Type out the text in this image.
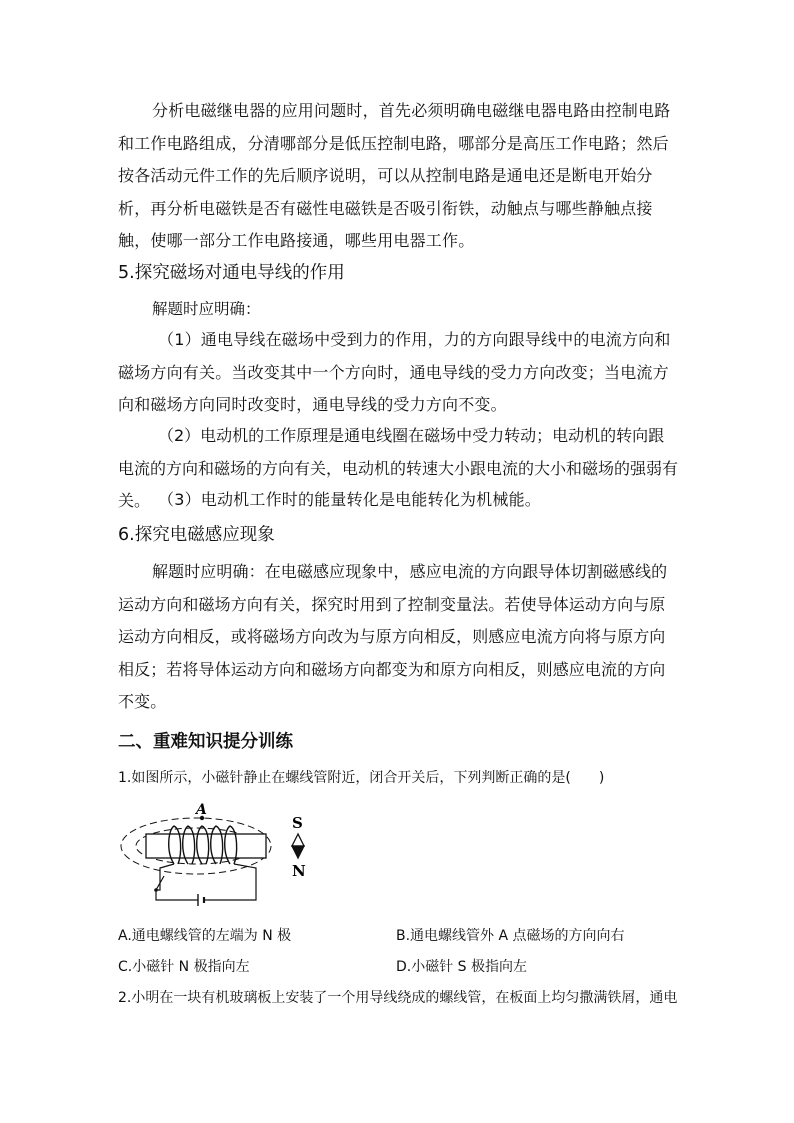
分析电磁继电器的应用问题时，首先必须明确电磁继电器电路由控制电路和工作电路组成，分清哪部分是低压控制电路，哪部分是高压工作电路；然后按各活动元件工作的先后顺序说明，可以从控制电路是通电还是断电开始分析，再分析电磁铁是否有磁性电磁铁是否吸引衔铁，动触点与哪些静触点接触，使哪一部分工作电路接通，哪些用电器工作。
5.探究磁场对通电导线的作用
解题时应明确：
（1）通电导线在磁场中受到力的作用，力的方向跟导线中的电流方向和磁场方向有关。当改变其中一个方向时，通电导线的受力方向改变；当电流方向和磁场方向同时改变时，通电导线的受力方向不变。
（2）电动机的工作原理是通电线圈在磁场中受力转动；电动机的转向跟电流的方向和磁场的方向有关，电动机的转速大小跟电流的大小和磁场的强弱有关。 （3）电动机工作时的能量转化是电能转化为机械能。
6.探究电磁感应现象
解题时应明确：在电磁感应现象中，感应电流的方向跟导体切割磁感线的运动方向和磁场方向有关，探究时用到了控制变量法。若使导体运动方向与原运动方向相反，或将磁场方向改为与原方向相反，则感应电流方向将与原方向相反；若将导体运动方向和磁场方向都变为和原方向相反，则感应电流的方向不变。
二、重难知识提分训练
1.如图所示，小磁针静止在螺线管附近，闭合开关后，下列判断正确的是(　　)
A
S
N
A.通电螺线管的左端为 N 极	B.通电螺线管外 A 点磁场的方向向右
C.小磁针 N 极指向左	D.小磁针 S 极指向左
2.小明在一块有机玻璃板上安装了一个用导线绕成的螺线管，在板面上均匀撒满铁屑，通电
